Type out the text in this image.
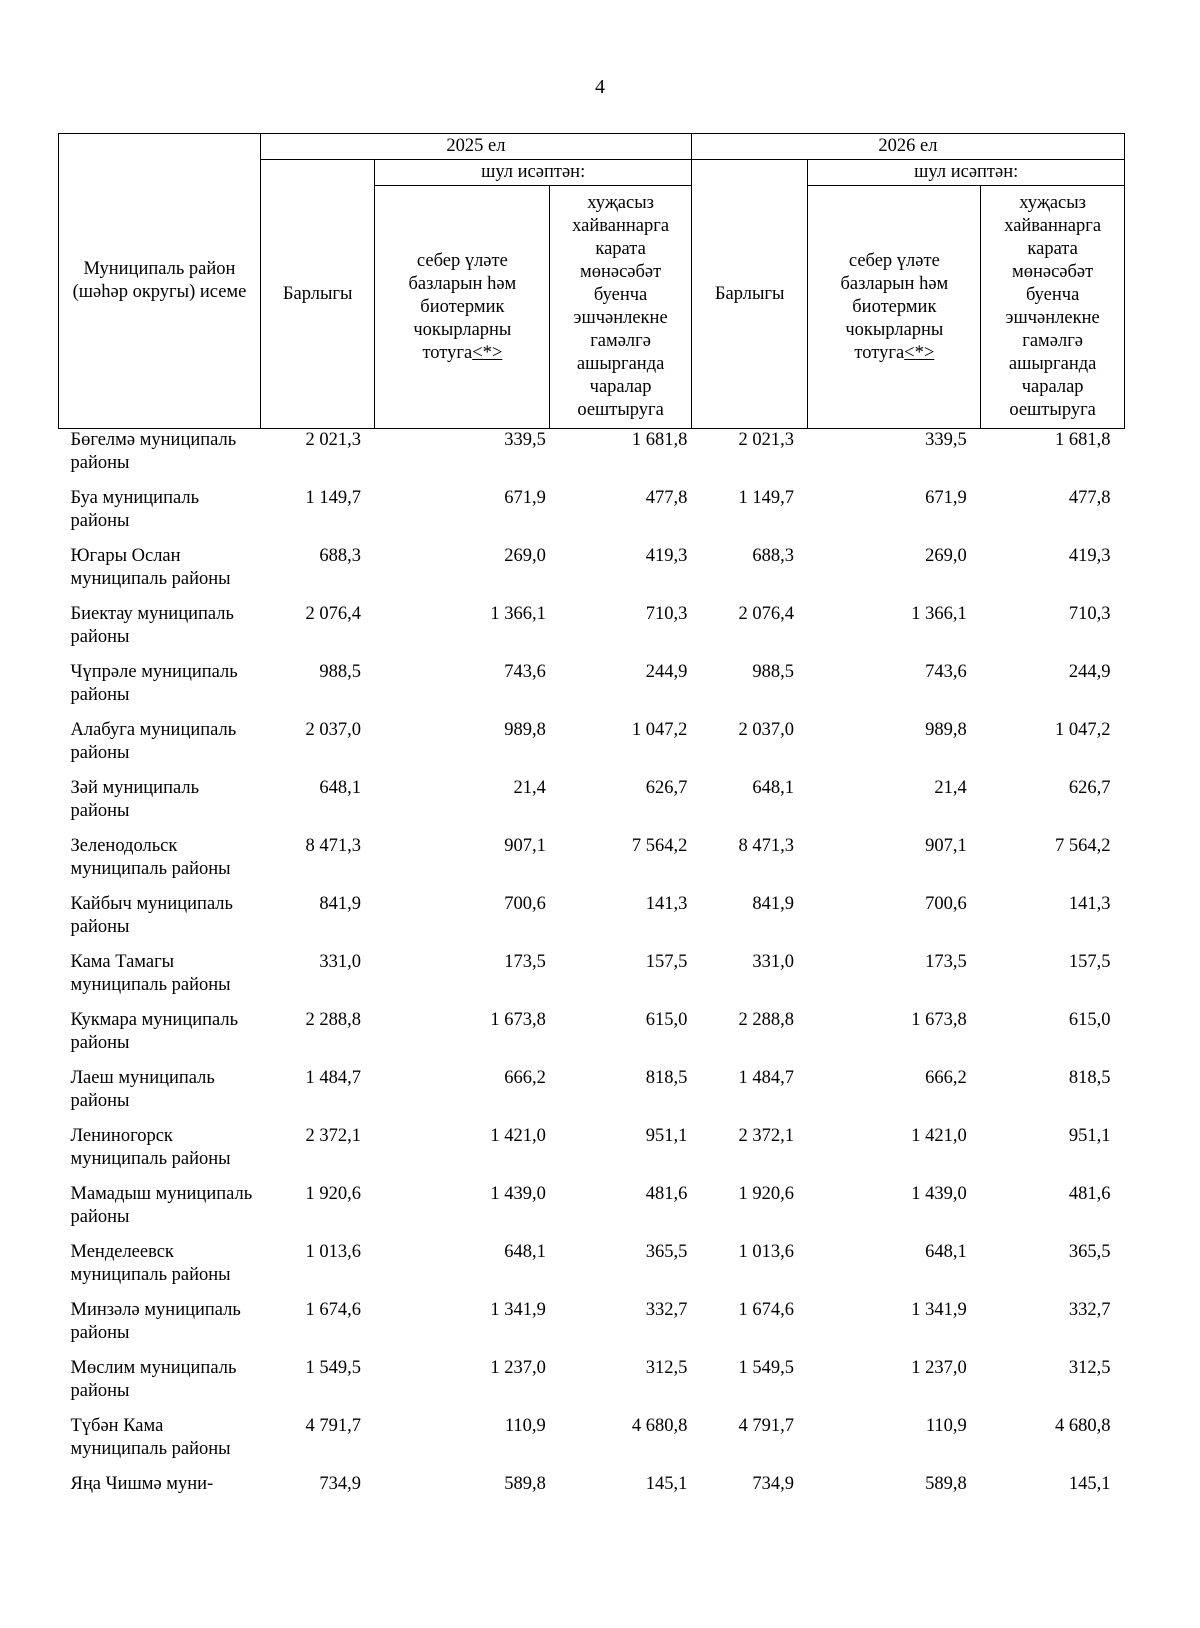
4
Муниципаль район (шәһәр округы) исеме	2025 ел			2026 ел		
	Барлыгы	шул исәптән:		Барлыгы	шул исәптән:	
		себер үләте базларын һәм биотермик чокырларны тотуга<*>	хуҗасыз хайваннарга карата мөнәсәбәт буенча эшчәнлекне гамәлгә ашырганда чаралар оештыруга		себер үләте базларын һәм биотермик чокырларны тотуга<*>	хуҗасыз хайваннарга карата мөнәсәбәт буенча эшчәнлекне гамәлгә ашырганда чаралар оештыруга
Бөгелмә муниципаль районы	2 021,3	339,5	1 681,8	2 021,3	339,5	1 681,8
Буа муниципаль районы	1 149,7	671,9	477,8	1 149,7	671,9	477,8
Югары Ослан муниципаль районы	688,3	269,0	419,3	688,3	269,0	419,3
Биектау муниципаль районы	2 076,4	1 366,1	710,3	2 076,4	1 366,1	710,3
Чүпрәле муниципаль районы	988,5	743,6	244,9	988,5	743,6	244,9
Алабуга муниципаль районы	2 037,0	989,8	1 047,2	2 037,0	989,8	1 047,2
Зәй муниципаль районы	648,1	21,4	626,7	648,1	21,4	626,7
Зеленодольск муниципаль районы	8 471,3	907,1	7 564,2	8 471,3	907,1	7 564,2
Кайбыч муниципаль районы	841,9	700,6	141,3	841,9	700,6	141,3
Кама Тамагы муниципаль районы	331,0	173,5	157,5	331,0	173,5	157,5
Кукмара муниципаль районы	2 288,8	1 673,8	615,0	2 288,8	1 673,8	615,0
Лаеш муниципаль районы	1 484,7	666,2	818,5	1 484,7	666,2	818,5
Лениногорск муниципаль районы	2 372,1	1 421,0	951,1	2 372,1	1 421,0	951,1
Мамадыш муниципаль районы	1 920,6	1 439,0	481,6	1 920,6	1 439,0	481,6
Менделеевск муниципаль районы	1 013,6	648,1	365,5	1 013,6	648,1	365,5
Минзәлә муниципаль районы	1 674,6	1 341,9	332,7	1 674,6	1 341,9	332,7
Мөслим муниципаль районы	1 549,5	1 237,0	312,5	1 549,5	1 237,0	312,5
Түбән Кама муниципаль районы	4 791,7	110,9	4 680,8	4 791,7	110,9	4 680,8
Яңа Чишмә муни-	734,9	589,8	145,1	734,9	589,8	145,1
